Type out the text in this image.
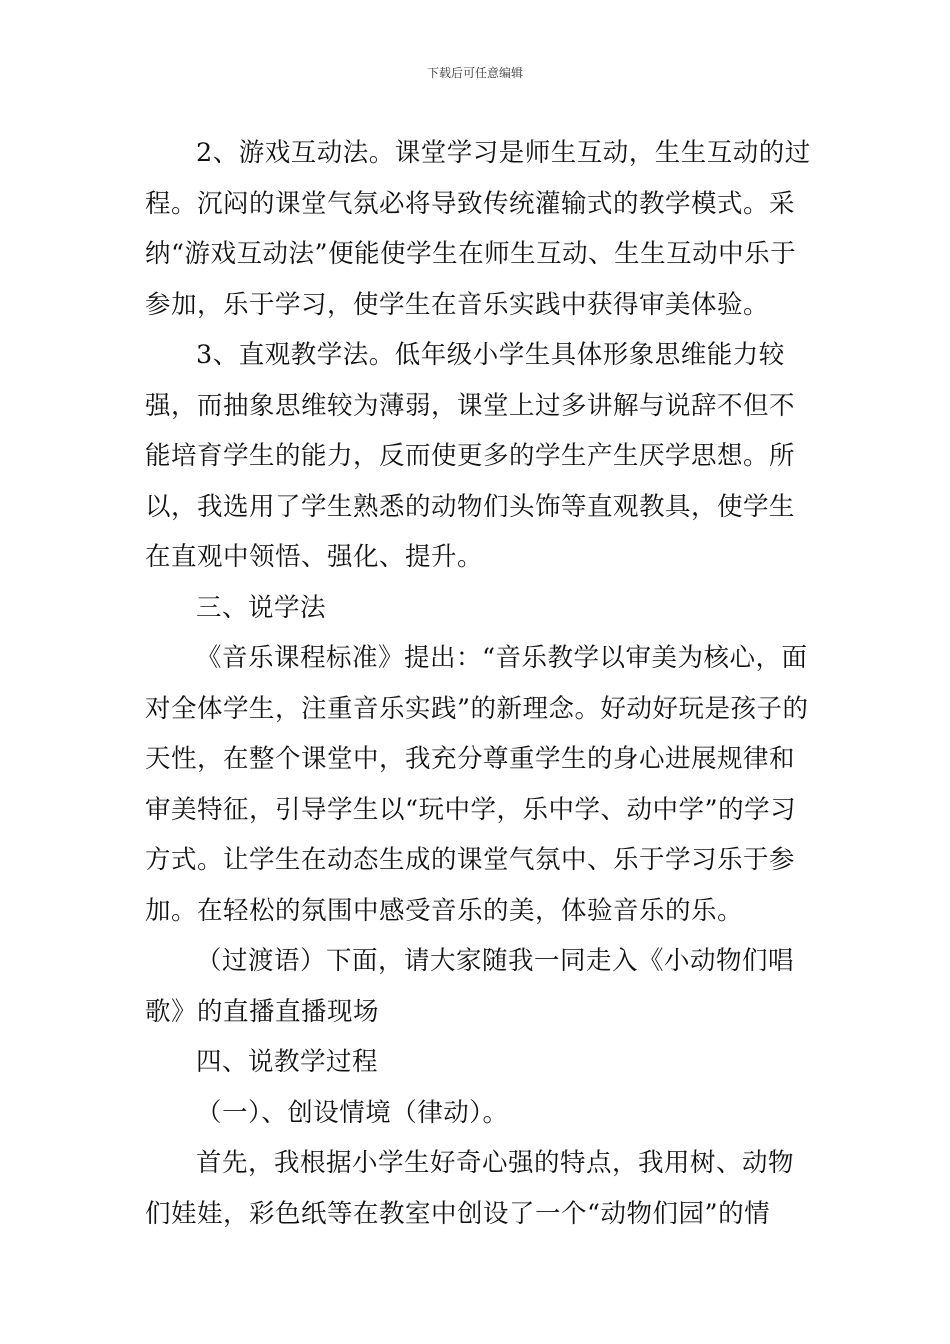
下载后可任意编辑

2、游戏互动法。课堂学习是师生互动，生生互动的过程。沉闷的课堂气氛必将导致传统灌输式的教学模式。采纳“游戏互动法”便能使学生在师生互动、生生互动中乐于参加，乐于学习，使学生在音乐实践中获得审美体验。

3、直观教学法。低年级小学生具体形象思维能力较强，而抽象思维较为薄弱，课堂上过多讲解与说辞不但不能培育学生的能力，反而使更多的学生产生厌学思想。所以，我选用了学生熟悉的动物们头饰等直观教具，使学生在直观中领悟、强化、提升。

三、说学法

《音乐课程标准》提出：“音乐教学以审美为核心，面对全体学生，注重音乐实践”的新理念。好动好玩是孩子的天性，在整个课堂中，我充分尊重学生的身心进展规律和审美特征，引导学生以“玩中学，乐中学、动中学”的学习方式。让学生在动态生成的课堂气氛中、乐于学习乐于参加。在轻松的氛围中感受音乐的美，体验音乐的乐。

（过渡语）下面，请大家随我一同走入《小动物们唱歌》的直播直播现场

四、说教学过程

（一）、创设情境（律动）。

首先，我根据小学生好奇心强的特点，我用树、动物们娃娃，彩色纸等在教室中创设了一个“动物们园”的情
